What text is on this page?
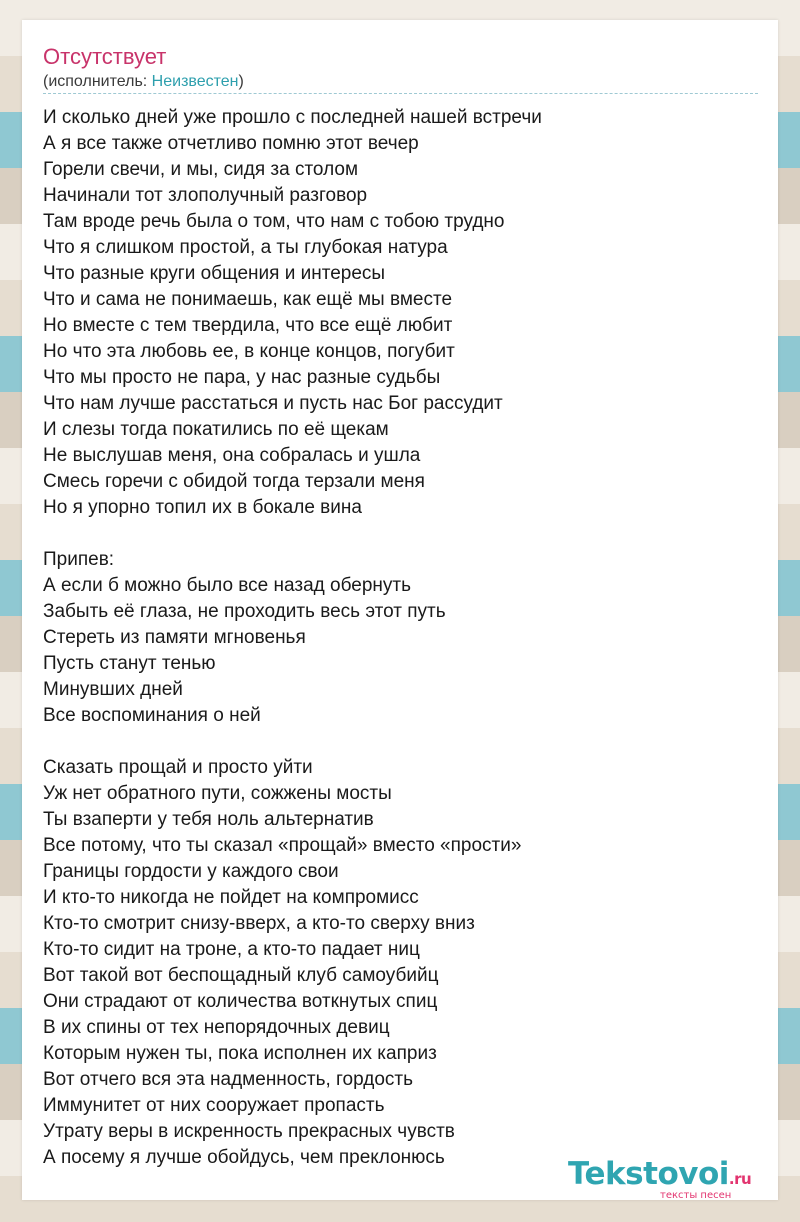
Отсутствует
(исполнитель: Неизвестен)
И сколько дней уже прошло с последней нашей встречи
А я все также отчетливо помню этот вечер
Горели свечи, и мы, сидя за столом
Начинали тот злополучный разговор
Там вроде речь была о том, что нам с тобою трудно
Что я слишком простой, а ты глубокая натура
Что разные круги общения и интересы
Что и сама не понимаешь, как ещё мы вместе
Но вместе с тем твердила, что все ещё любит
Но что эта любовь ее, в конце концов, погубит
Что мы просто не пара, у нас разные судьбы
Что нам лучше расстаться и пусть нас Бог рассудит
И слезы тогда покатились по её щекам
Не выслушав меня, она собралась и ушла
Смесь горечи с обидой тогда терзали меня
Но я упорно топил их в бокале вина
Припев:
А если б можно было все назад обернуть
Забыть её глаза, не проходить весь этот путь
Стереть из памяти мгновенья
Пусть станут тенью
Минувших дней
Все воспоминания о ней
Сказать прощай и просто уйти
Уж нет обратного пути, сожжены мосты
Ты взаперти у тебя ноль альтернатив
Все потому, что ты сказал «прощай» вместо «прости»
Границы гордости у каждого свои
И кто-то никогда не пойдет на компромисс
Кто-то смотрит снизу-вверх, а кто-то сверху вниз
Кто-то сидит на троне, а кто-то падает ниц
Вот такой вот беспощадный клуб самоубийц
Они страдают от количества воткнутых спиц
В их спины от тех непорядочных девиц
Которым нужен ты, пока исполнен их каприз
Вот отчего вся эта надменность, гордость
Иммунитет от них сооружает пропасть
Утрату веры в искренность прекрасных чувств
А посему я лучше обойдусь, чем преклонюсь	Tekstovoi.ru
тексты песен
